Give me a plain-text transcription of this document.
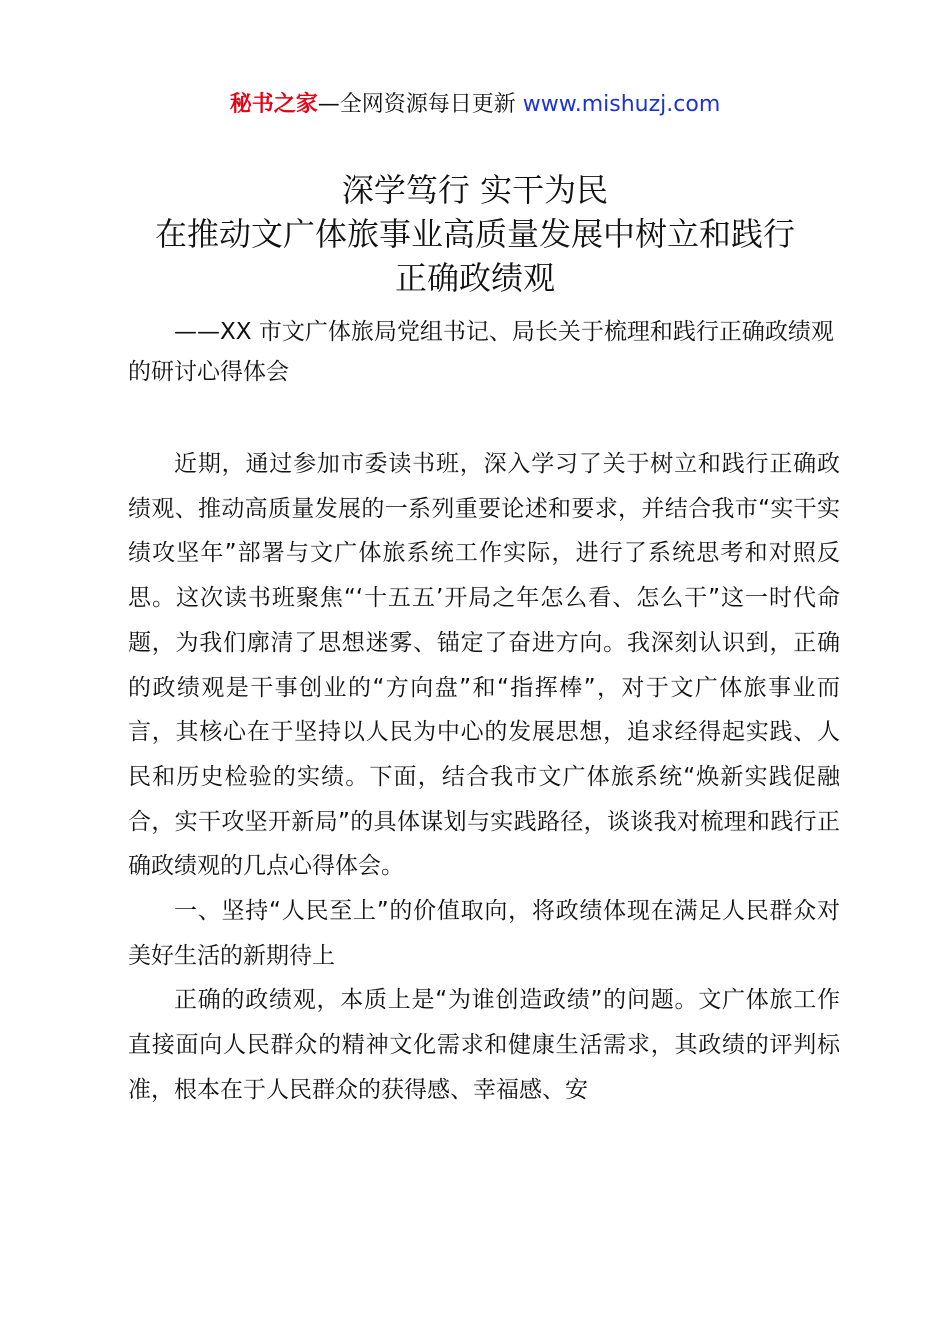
秘书之家—全网资源每日更新 www.mishuzj.com
深学笃行 实干为民
在推动文广体旅事业高质量发展中树立和践行
正确政绩观
——XX 市文广体旅局党组书记、局长关于梳理和践行正确政绩观的研讨心得体会

近期，通过参加市委读书班，深入学习了关于树立和践行正确政绩观、推动高质量发展的一系列重要论述和要求，并结合我市“实干实绩攻坚年”部署与文广体旅系统工作实际，进行了系统思考和对照反思。这次读书班聚焦“‘十五五’开局之年怎么看、怎么干”这一时代命题，为我们廓清了思想迷雾、锚定了奋进方向。我深刻认识到，正确的政绩观是干事创业的“方向盘”和“指挥棒”，对于文广体旅事业而言，其核心在于坚持以人民为中心的发展思想，追求经得起实践、人民和历史检验的实绩。下面，结合我市文广体旅系统“焕新实践促融合，实干攻坚开新局”的具体谋划与实践路径，谈谈我对梳理和践行正确政绩观的几点心得体会。

一、坚持“人民至上”的价值取向，将政绩体现在满足人民群众对美好生活的新期待上

正确的政绩观，本质上是“为谁创造政绩”的问题。文广体旅工作直接面向人民群众的精神文化需求和健康生活需求，其政绩的评判标准，根本在于人民群众的获得感、幸福感、安
